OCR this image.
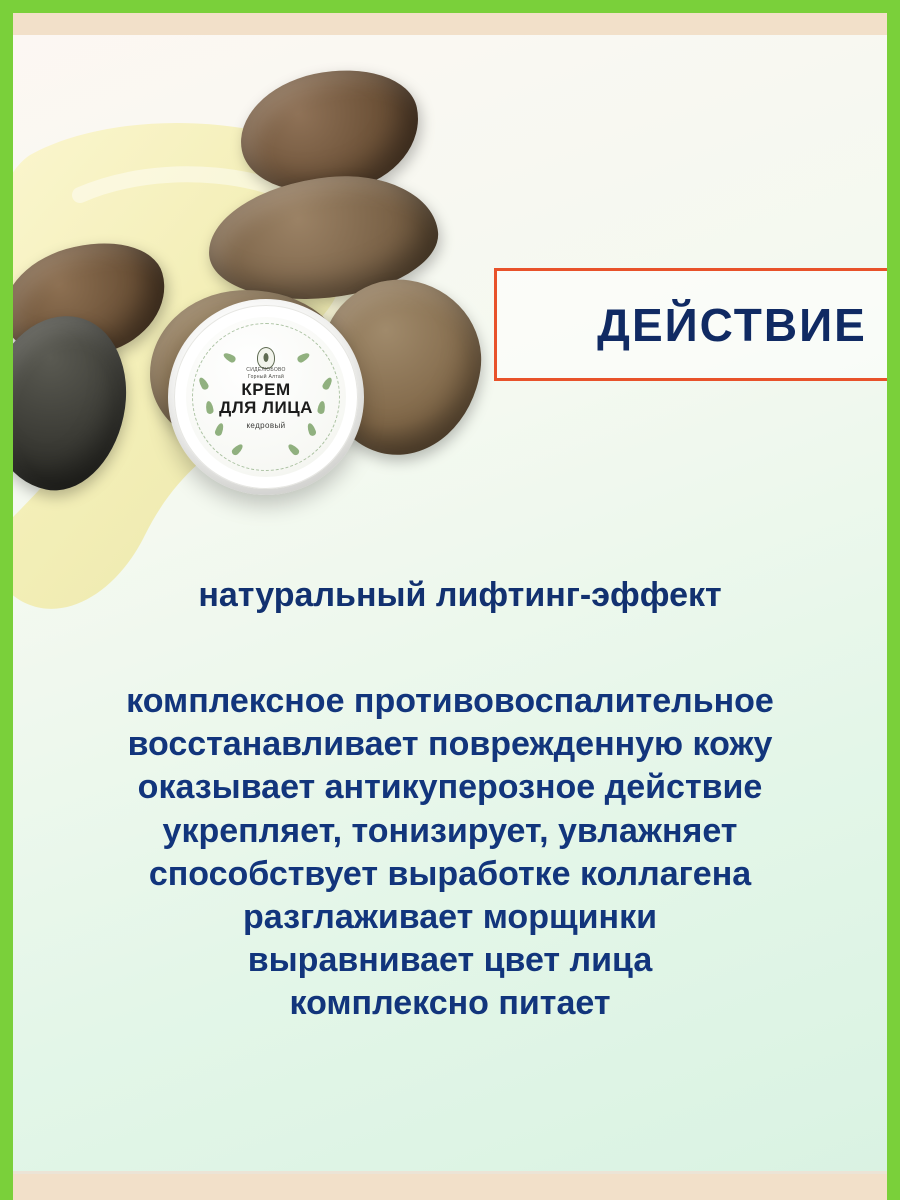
СИДЕЛЮБОВО
Горный Алтай
КРЕМ
ДЛЯ ЛИЦА
кедровый
ДЕЙСТВИЕ
натуральный лифтинг-эффект
комплексное противовоспалительное
восстанавливает поврежденную кожу
оказывает антикуперозное действие
укрепляет, тонизирует, увлажняет
способствует выработке коллагена
разглаживает морщинки
выравнивает цвет лица
комплексно питает
